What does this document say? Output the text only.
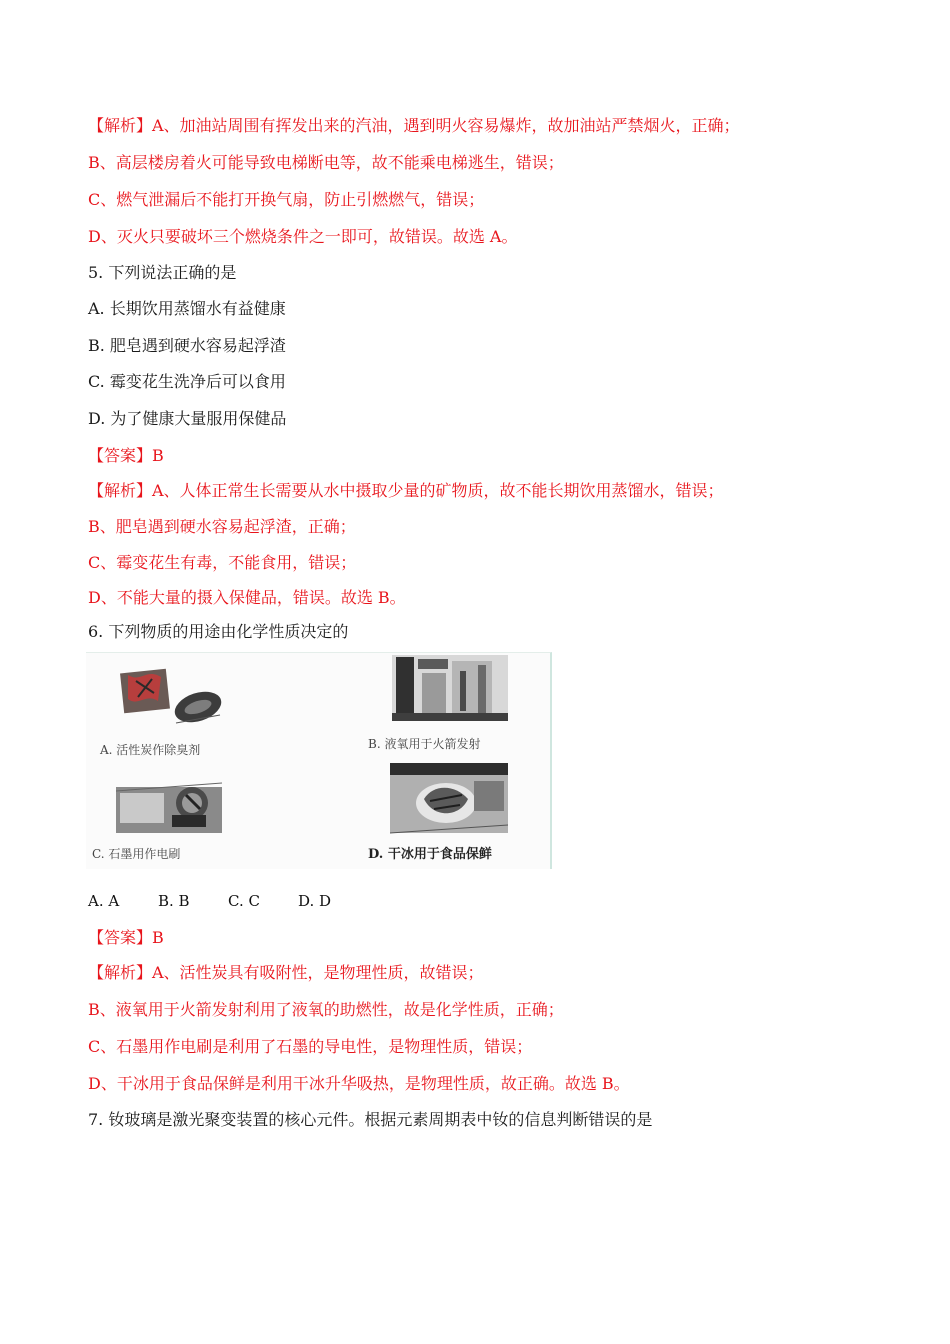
【解析】A、加油站周围有挥发出来的汽油，遇到明火容易爆炸，故加油站严禁烟火，正确；
B、高层楼房着火可能导致电梯断电等，故不能乘电梯逃生，错误；
C、燃气泄漏后不能打开换气扇，防止引燃燃气，错误；
D、灭火只要破坏三个燃烧条件之一即可，故错误。故选 A。
5. 下列说法正确的是
A. 长期饮用蒸馏水有益健康
B. 肥皂遇到硬水容易起浮渣
C. 霉变花生洗净后可以食用
D. 为了健康大量服用保健品
【答案】B
【解析】A、人体正常生长需要从水中摄取少量的矿物质，故不能长期饮用蒸馏水，错误；
B、肥皂遇到硬水容易起浮渣，正确；
C、霉变花生有毒，不能食用，错误；
D、不能大量的摄入保健品，错误。故选 B。
6. 下列物质的用途由化学性质决定的
A. 活性炭作除臭剂	B. 液氧用于火箭发射
C. 石墨用作电刷	D. 干冰用于食品保鲜
A. A	B. B	C. C	D. D
【答案】B
【解析】A、活性炭具有吸附性，是物理性质，故错误；
B、液氧用于火箭发射利用了液氧的助燃性，故是化学性质，正确；
C、石墨用作电刷是利用了石墨的导电性，是物理性质，错误；
D、干冰用于食品保鲜是利用干冰升华吸热，是物理性质，故正确。故选 B。
7. 钕玻璃是激光聚变装置的核心元件。根据元素周期表中钕的信息判断错误的是
